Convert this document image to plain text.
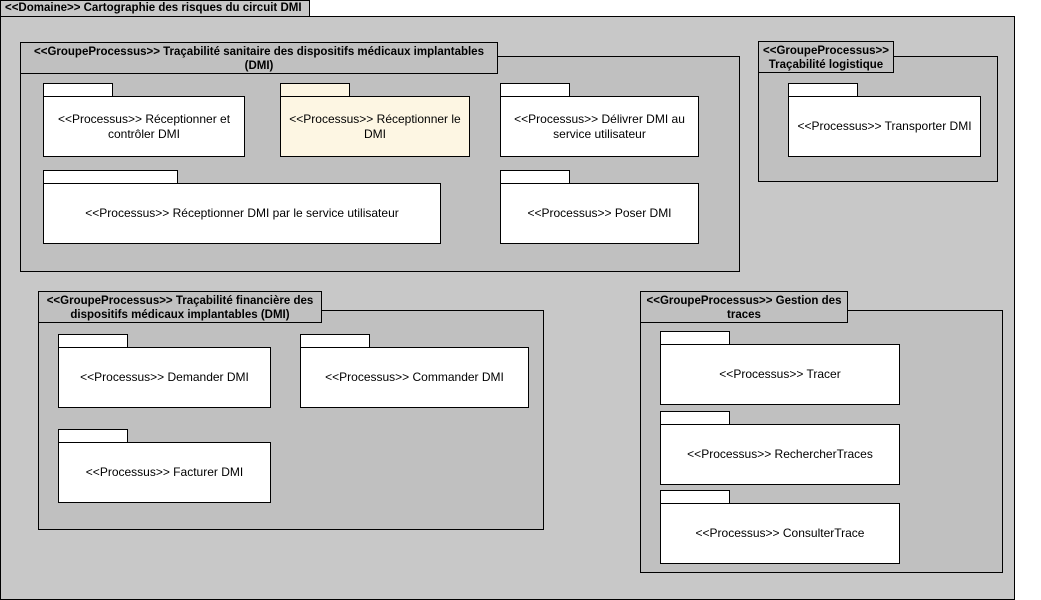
<<Domaine>> Cartographie des risques du circuit DMI
<<GroupeProcessus>> Traçabilité sanitaire des dispositifs médicaux implantables (DMI)
<<Processus>> Réceptionner et contrôler DMI
<<Processus>> Réceptionner le DMI
<<Processus>> Délivrer DMI au service utilisateur
<<Processus>> Réceptionner DMI par le service utilisateur	<<Processus>> Poser DMI
<<GroupeProcessus>> Traçabilité logistique
<<Processus>> Transporter DMI
<<GroupeProcessus>> Traçabilité financière des dispositifs médicaux implantables (DMI)
<<Processus>> Demander DMI	<<Processus>> Commander DMI
<<Processus>> Facturer DMI
<<GroupeProcessus>> Gestion des traces
<<Processus>> Tracer
<<Processus>> RechercherTraces
<<Processus>> ConsulterTrace
